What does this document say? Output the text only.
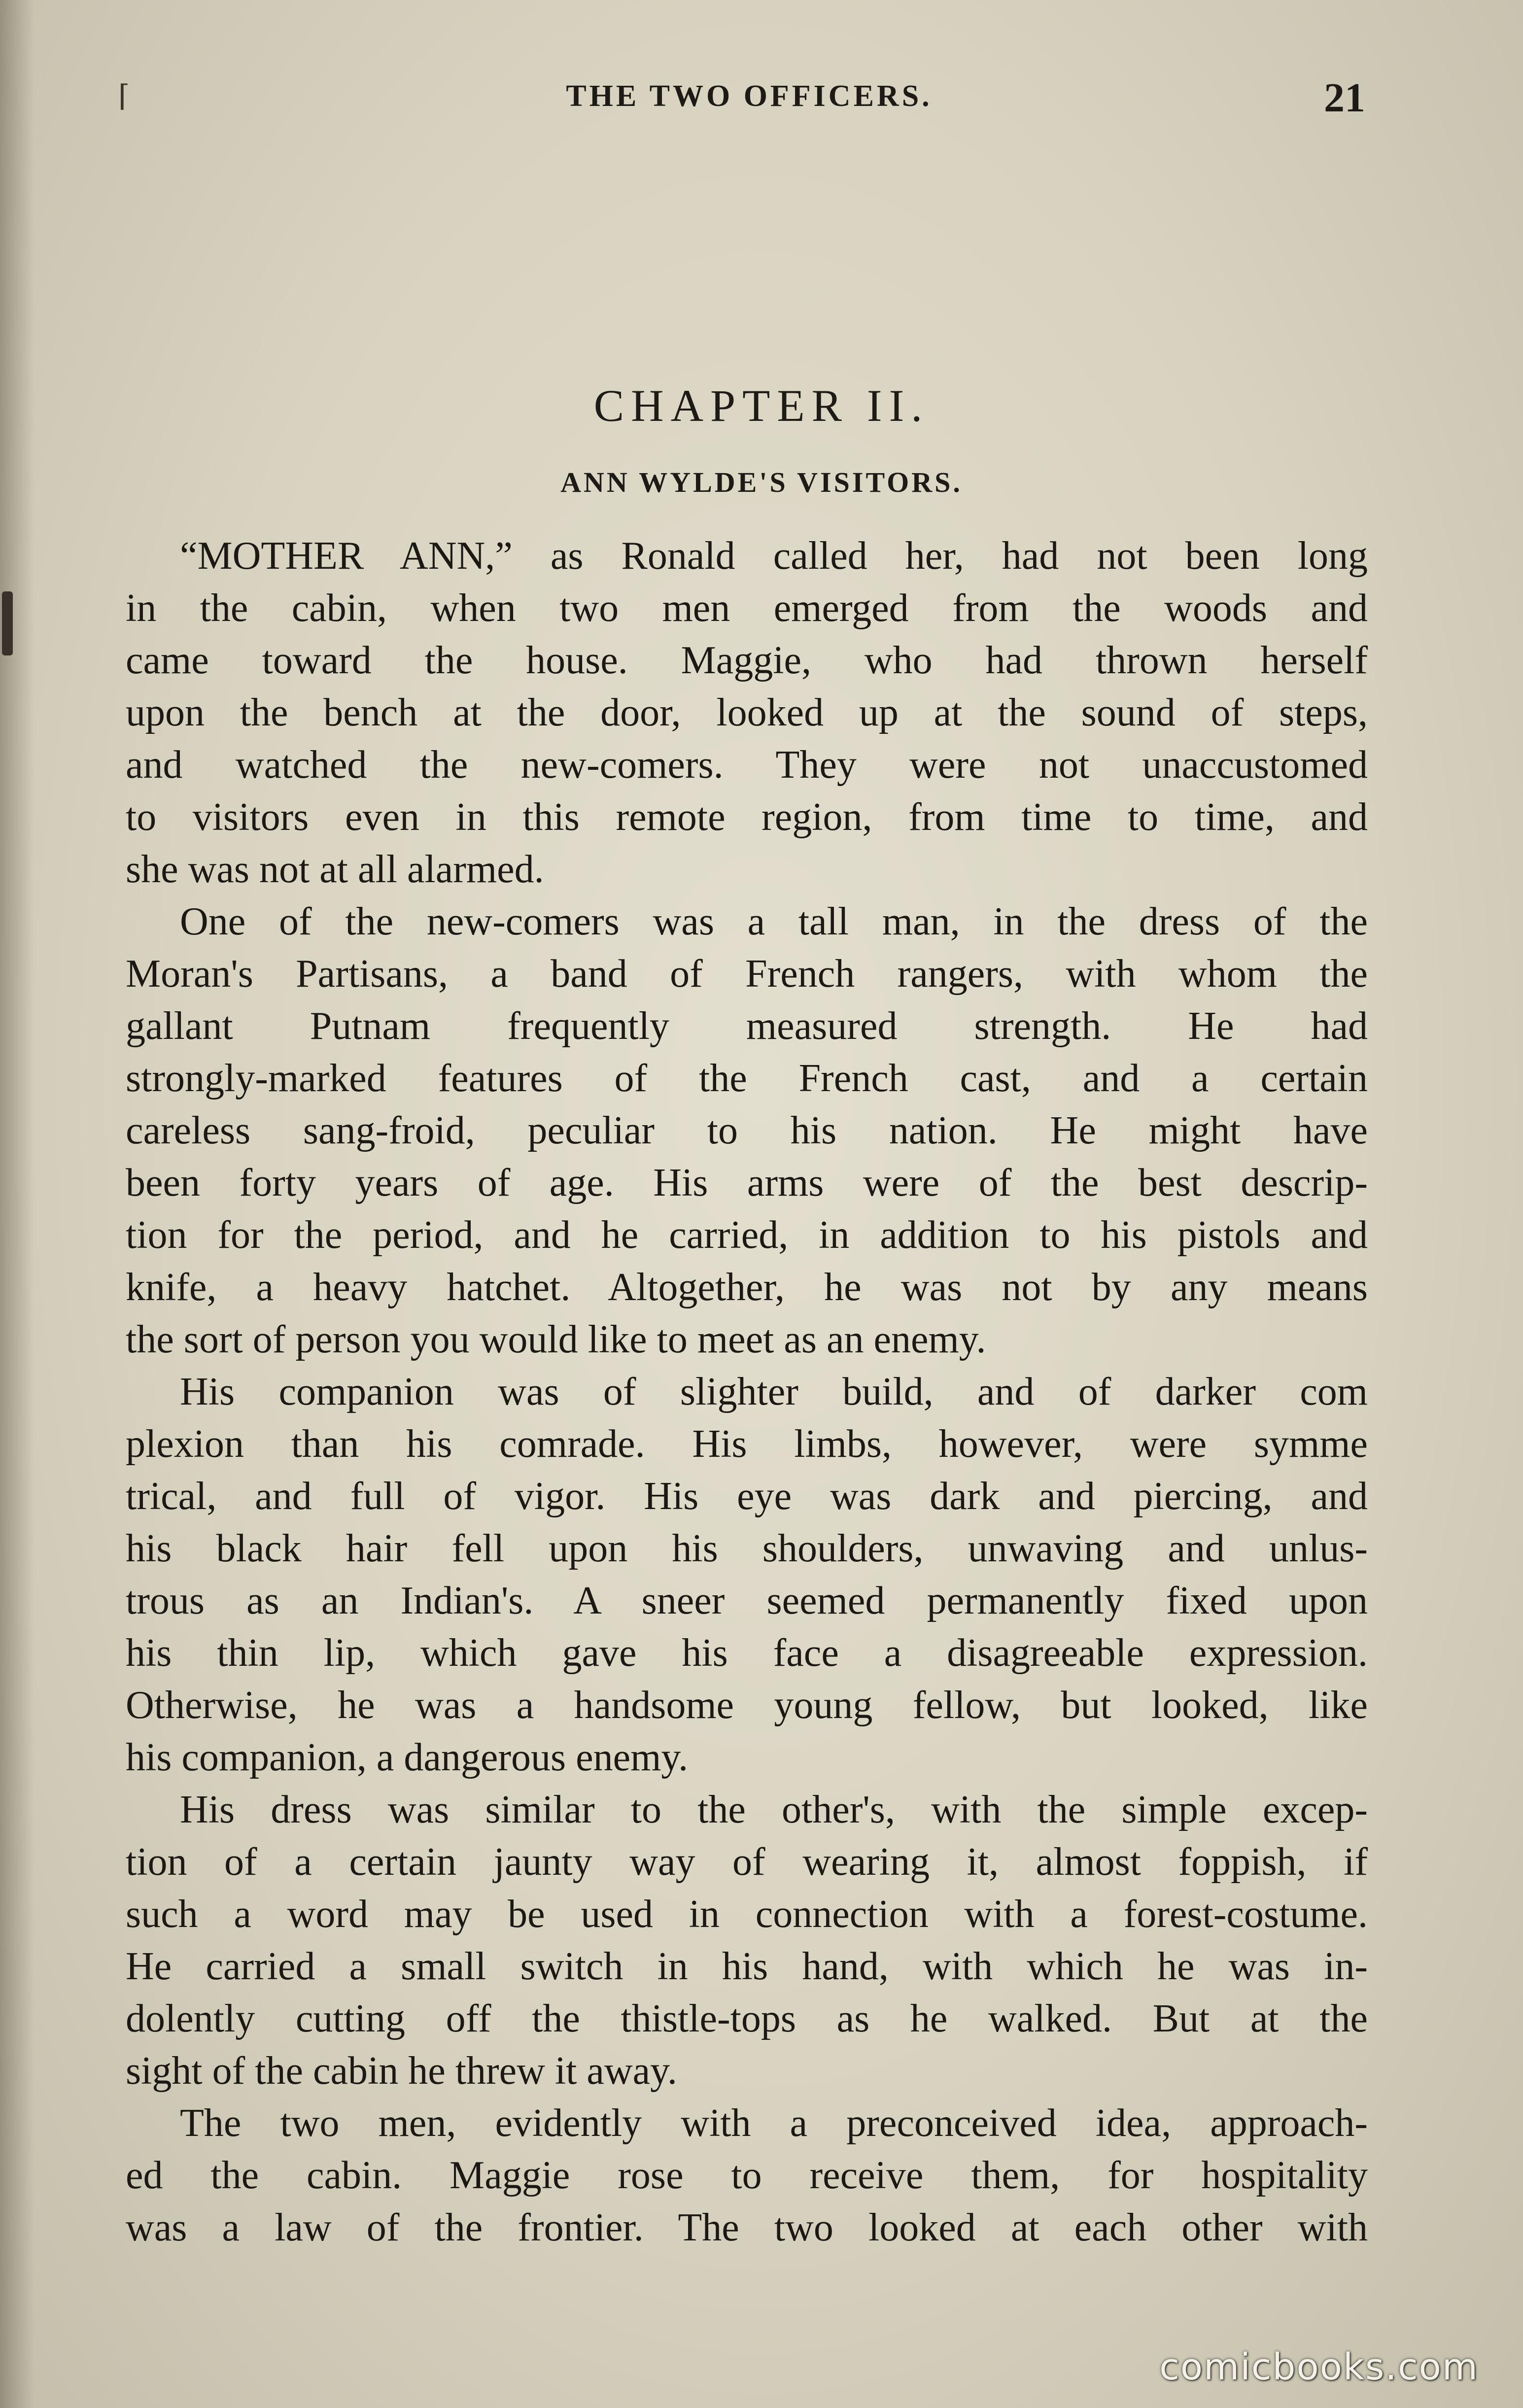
⌈	THE TWO OFFICERS.	21
CHAPTER II.
ANN WYLDE'S VISITORS.
“MOTHER ANN,” as Ronald called her, had not been long
in the cabin, when two men emerged from the woods and
came toward the house. Maggie, who had thrown herself
upon the bench at the door, looked up at the sound of steps,
and watched the new-comers. They were not unaccustomed
to visitors even in this remote region, from time to time, and
she was not at all alarmed.
One of the new-comers was a tall man, in the dress of the
Moran's Partisans, a band of French rangers, with whom the
gallant Putnam frequently measured strength. He had
strongly-marked features of the French cast, and a certain
careless sang-froid, peculiar to his nation. He might have
been forty years of age. His arms were of the best descrip-
tion for the period, and he carried, in addition to his pistols and
knife, a heavy hatchet. Altogether, he was not by any means
the sort of person you would like to meet as an enemy.
His companion was of slighter build, and of darker com
plexion than his comrade. His limbs, however, were symme
trical, and full of vigor. His eye was dark and piercing, and
his black hair fell upon his shoulders, unwaving and unlus-
trous as an Indian's. A sneer seemed permanently fixed upon
his thin lip, which gave his face a disagreeable expression.
Otherwise, he was a handsome young fellow, but looked, like
his companion, a dangerous enemy.
His dress was similar to the other's, with the simple excep-
tion of a certain jaunty way of wearing it, almost foppish, if
such a word may be used in connection with a forest-costume.
He carried a small switch in his hand, with which he was in-
dolently cutting off the thistle-tops as he walked. But at the
sight of the cabin he threw it away.
The two men, evidently with a preconceived idea, approach-
ed the cabin. Maggie rose to receive them, for hospitality
was a law of the frontier. The two looked at each other with
comicbooks.com
